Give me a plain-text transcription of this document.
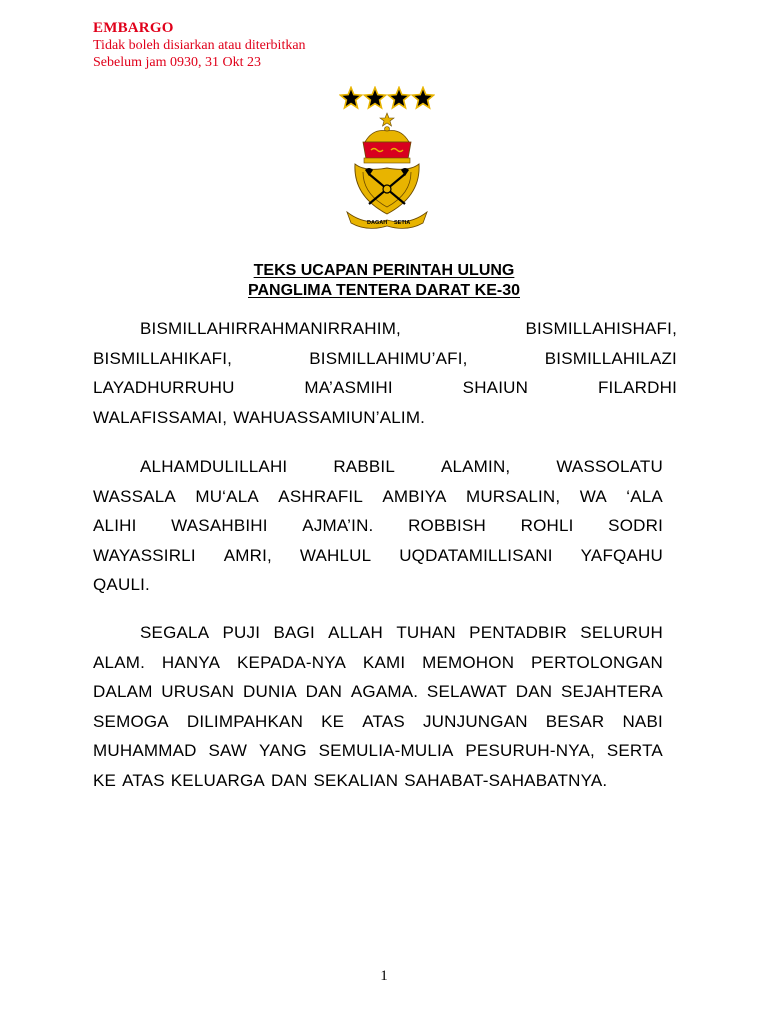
EMBARGO
Tidak boleh disiarkan atau diterbitkan
Sebelum jam 0930, 31 Okt 23
DAGAH SETIA
TEKS UCAPAN PERINTAH ULUNG
PANGLIMA TENTERA DARAT KE-30
BISMILLAHIRRAHMANIRRAHIM,	BISMILLAHISHAFI,
BISMILLAHIKAFI,	BISMILLAHIMU’AFI,	BISMILLAHILAZI
LAYADHURRUHU	MA’ASMIHI	SHAIUN	FILARDHI
WALAFISSAMAI, WAHUASSAMIUN’ALIM.
ALHAMDULILLAHI	RABBIL	ALAMIN,	WASSOLATU
WASSALA MU‘ALA ASHRAFIL AMBIYA MURSALIN, WA ‘ALA
ALIHI WASAHBIHI AJMA’IN. ROBBISH ROHLI SODRI
WAYASSIRLI AMRI, WAHLUL UQDATAMILLISANI YAFQAHU
QAULI.
SEGALA PUJI BAGI ALLAH TUHAN PENTADBIR SELURUH
ALAM. HANYA KEPADA-NYA KAMI MEMOHON PERTOLONGAN
DALAM URUSAN DUNIA DAN AGAMA. SELAWAT DAN SEJAHTERA
SEMOGA DILIMPAHKAN KE ATAS JUNJUNGAN BESAR NABI
MUHAMMAD SAW YANG SEMULIA-MULIA PESURUH-NYA, SERTA
KE ATAS KELUARGA DAN SEKALIAN SAHABAT-SAHABATNYA.
1
